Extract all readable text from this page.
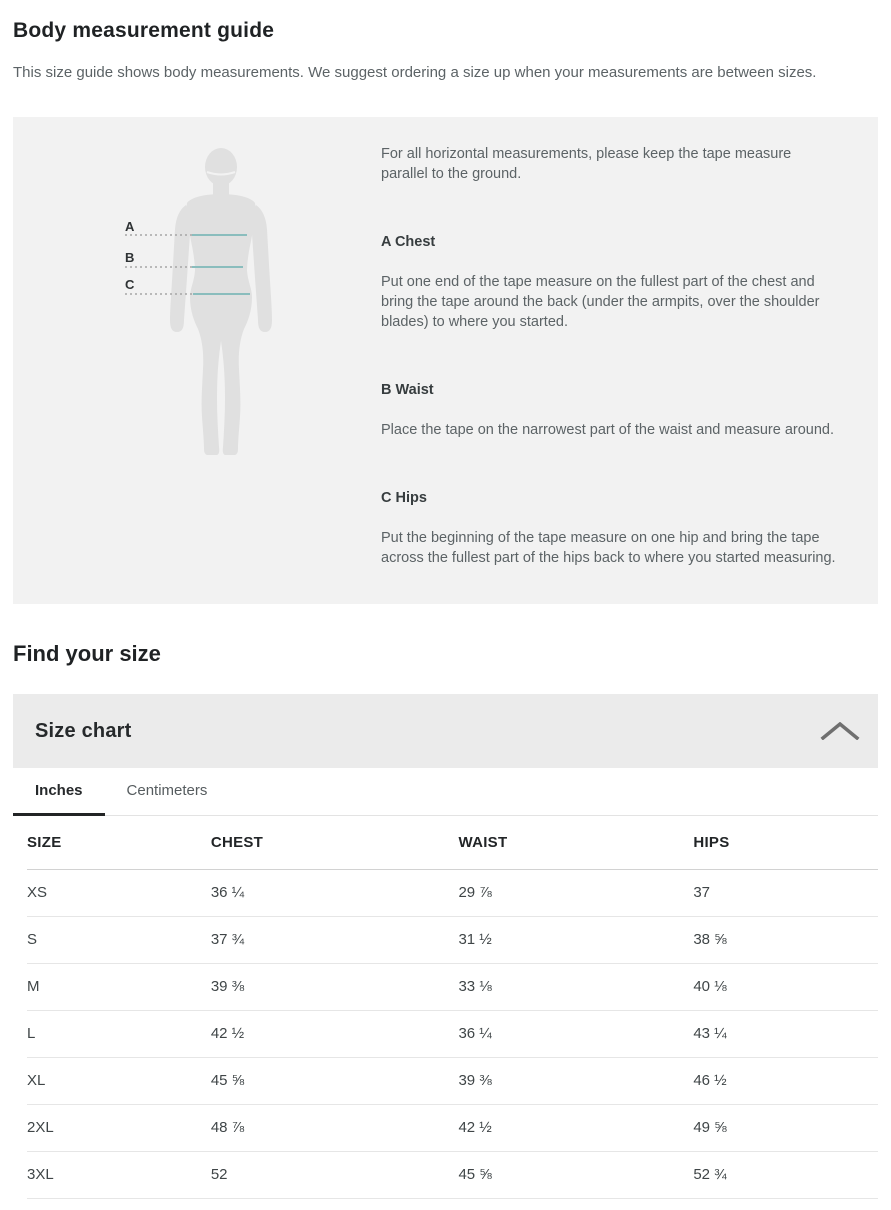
Body measurement guide

This size guide shows body measurements. We suggest ordering a size up when your measurements are between sizes.

A
B
C

For all horizontal measurements, please keep the tape measure parallel to the ground.

A Chest

Put one end of the tape measure on the fullest part of the chest and bring the tape around the back (under the armpits, over the shoulder blades) to where you started.

B Waist

Place the tape on the narrowest part of the waist and measure around.

C Hips

Put the beginning of the tape measure on one hip and bring the tape across the fullest part of the hips back to where you started measuring.

Find your size
Size chart
Inches	Centimeters
SIZE	CHEST	WAIST	HIPS
XS	36 ¼	29 ⅞	37
S	37 ¾	31 ½	38 ⅝
M	39 ⅜	33 ⅛	40 ⅛
L	42 ½	36 ¼	43 ¼
XL	45 ⅝	39 ⅜	46 ½
2XL	48 ⅞	42 ½	49 ⅝
3XL	52	45 ⅝	52 ¾
